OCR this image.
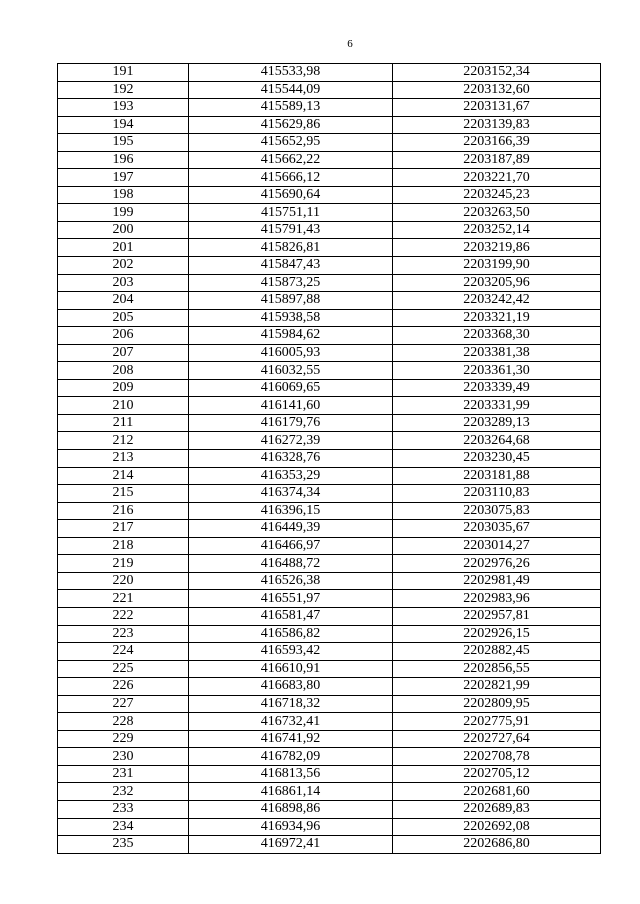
6
191	415533,98	2203152,34
192	415544,09	2203132,60
193	415589,13	2203131,67
194	415629,86	2203139,83
195	415652,95	2203166,39
196	415662,22	2203187,89
197	415666,12	2203221,70
198	415690,64	2203245,23
199	415751,11	2203263,50
200	415791,43	2203252,14
201	415826,81	2203219,86
202	415847,43	2203199,90
203	415873,25	2203205,96
204	415897,88	2203242,42
205	415938,58	2203321,19
206	415984,62	2203368,30
207	416005,93	2203381,38
208	416032,55	2203361,30
209	416069,65	2203339,49
210	416141,60	2203331,99
211	416179,76	2203289,13
212	416272,39	2203264,68
213	416328,76	2203230,45
214	416353,29	2203181,88
215	416374,34	2203110,83
216	416396,15	2203075,83
217	416449,39	2203035,67
218	416466,97	2203014,27
219	416488,72	2202976,26
220	416526,38	2202981,49
221	416551,97	2202983,96
222	416581,47	2202957,81
223	416586,82	2202926,15
224	416593,42	2202882,45
225	416610,91	2202856,55
226	416683,80	2202821,99
227	416718,32	2202809,95
228	416732,41	2202775,91
229	416741,92	2202727,64
230	416782,09	2202708,78
231	416813,56	2202705,12
232	416861,14	2202681,60
233	416898,86	2202689,83
234	416934,96	2202692,08
235	416972,41	2202686,80
